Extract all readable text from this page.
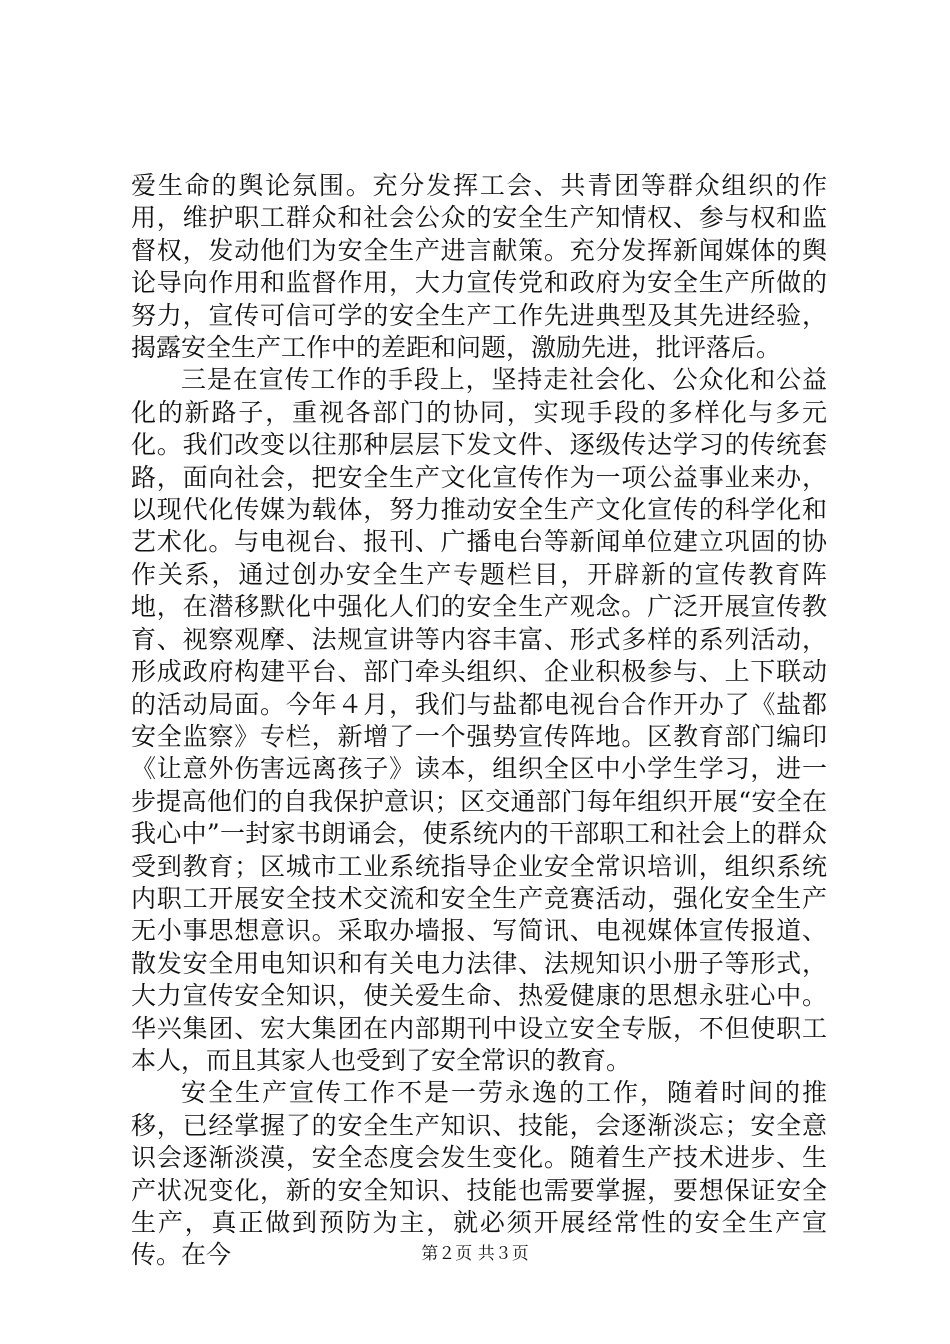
爱生命的舆论氛围。充分发挥工会、共青团等群众组织的作用，维护职工群众和社会公众的安全生产知情权、参与权和监督权，发动他们为安全生产进言献策。充分发挥新闻媒体的舆论导向作用和监督作用，大力宣传党和政府为安全生产所做的努力，宣传可信可学的安全生产工作先进典型及其先进经验，揭露安全生产工作中的差距和问题，激励先进，批评落后。

三是在宣传工作的手段上，坚持走社会化、公众化和公益化的新路子，重视各部门的协同，实现手段的多样化与多元化。我们改变以往那种层层下发文件、逐级传达学习的传统套路，面向社会，把安全生产文化宣传作为一项公益事业来办，以现代化传媒为载体，努力推动安全生产文化宣传的科学化和艺术化。与电视台、报刊、广播电台等新闻单位建立巩固的协作关系，通过创办安全生产专题栏目，开辟新的宣传教育阵地，在潜移默化中强化人们的安全生产观念。广泛开展宣传教育、视察观摩、法规宣讲等内容丰富、形式多样的系列活动，形成政府构建平台、部门牵头组织、企业积极参与、上下联动的活动局面。今年４月，我们与盐都电视台合作开办了《盐都安全监察》专栏，新增了一个强势宣传阵地。区教育部门编印《让意外伤害远离孩子》读本，组织全区中小学生学习，进一步提高他们的自我保护意识；区交通部门每年组织开展“安全在我心中”一封家书朗诵会，使系统内的干部职工和社会上的群众受到教育；区城市工业系统指导企业安全常识培训，组织系统内职工开展安全技术交流和安全生产竞赛活动，强化安全生产无小事思想意识。采取办墙报、写简讯、电视媒体宣传报道、散发安全用电知识和有关电力法律、法规知识小册子等形式，大力宣传安全知识，使关爱生命、热爱健康的思想永驻心中。华兴集团、宏大集团在内部期刊中设立安全专版，不但使职工本人，而且其家人也受到了安全常识的教育。

安全生产宣传工作不是一劳永逸的工作，随着时间的推移，已经掌握了的安全生产知识、技能，会逐渐淡忘；安全意识会逐渐淡漠，安全态度会发生变化。随着生产技术进步、生产状况变化，新的安全知识、技能也需要掌握，要想保证安全生产，真正做到预防为主，就必须开展经常性的安全生产宣传。在今	第２页 共３页
